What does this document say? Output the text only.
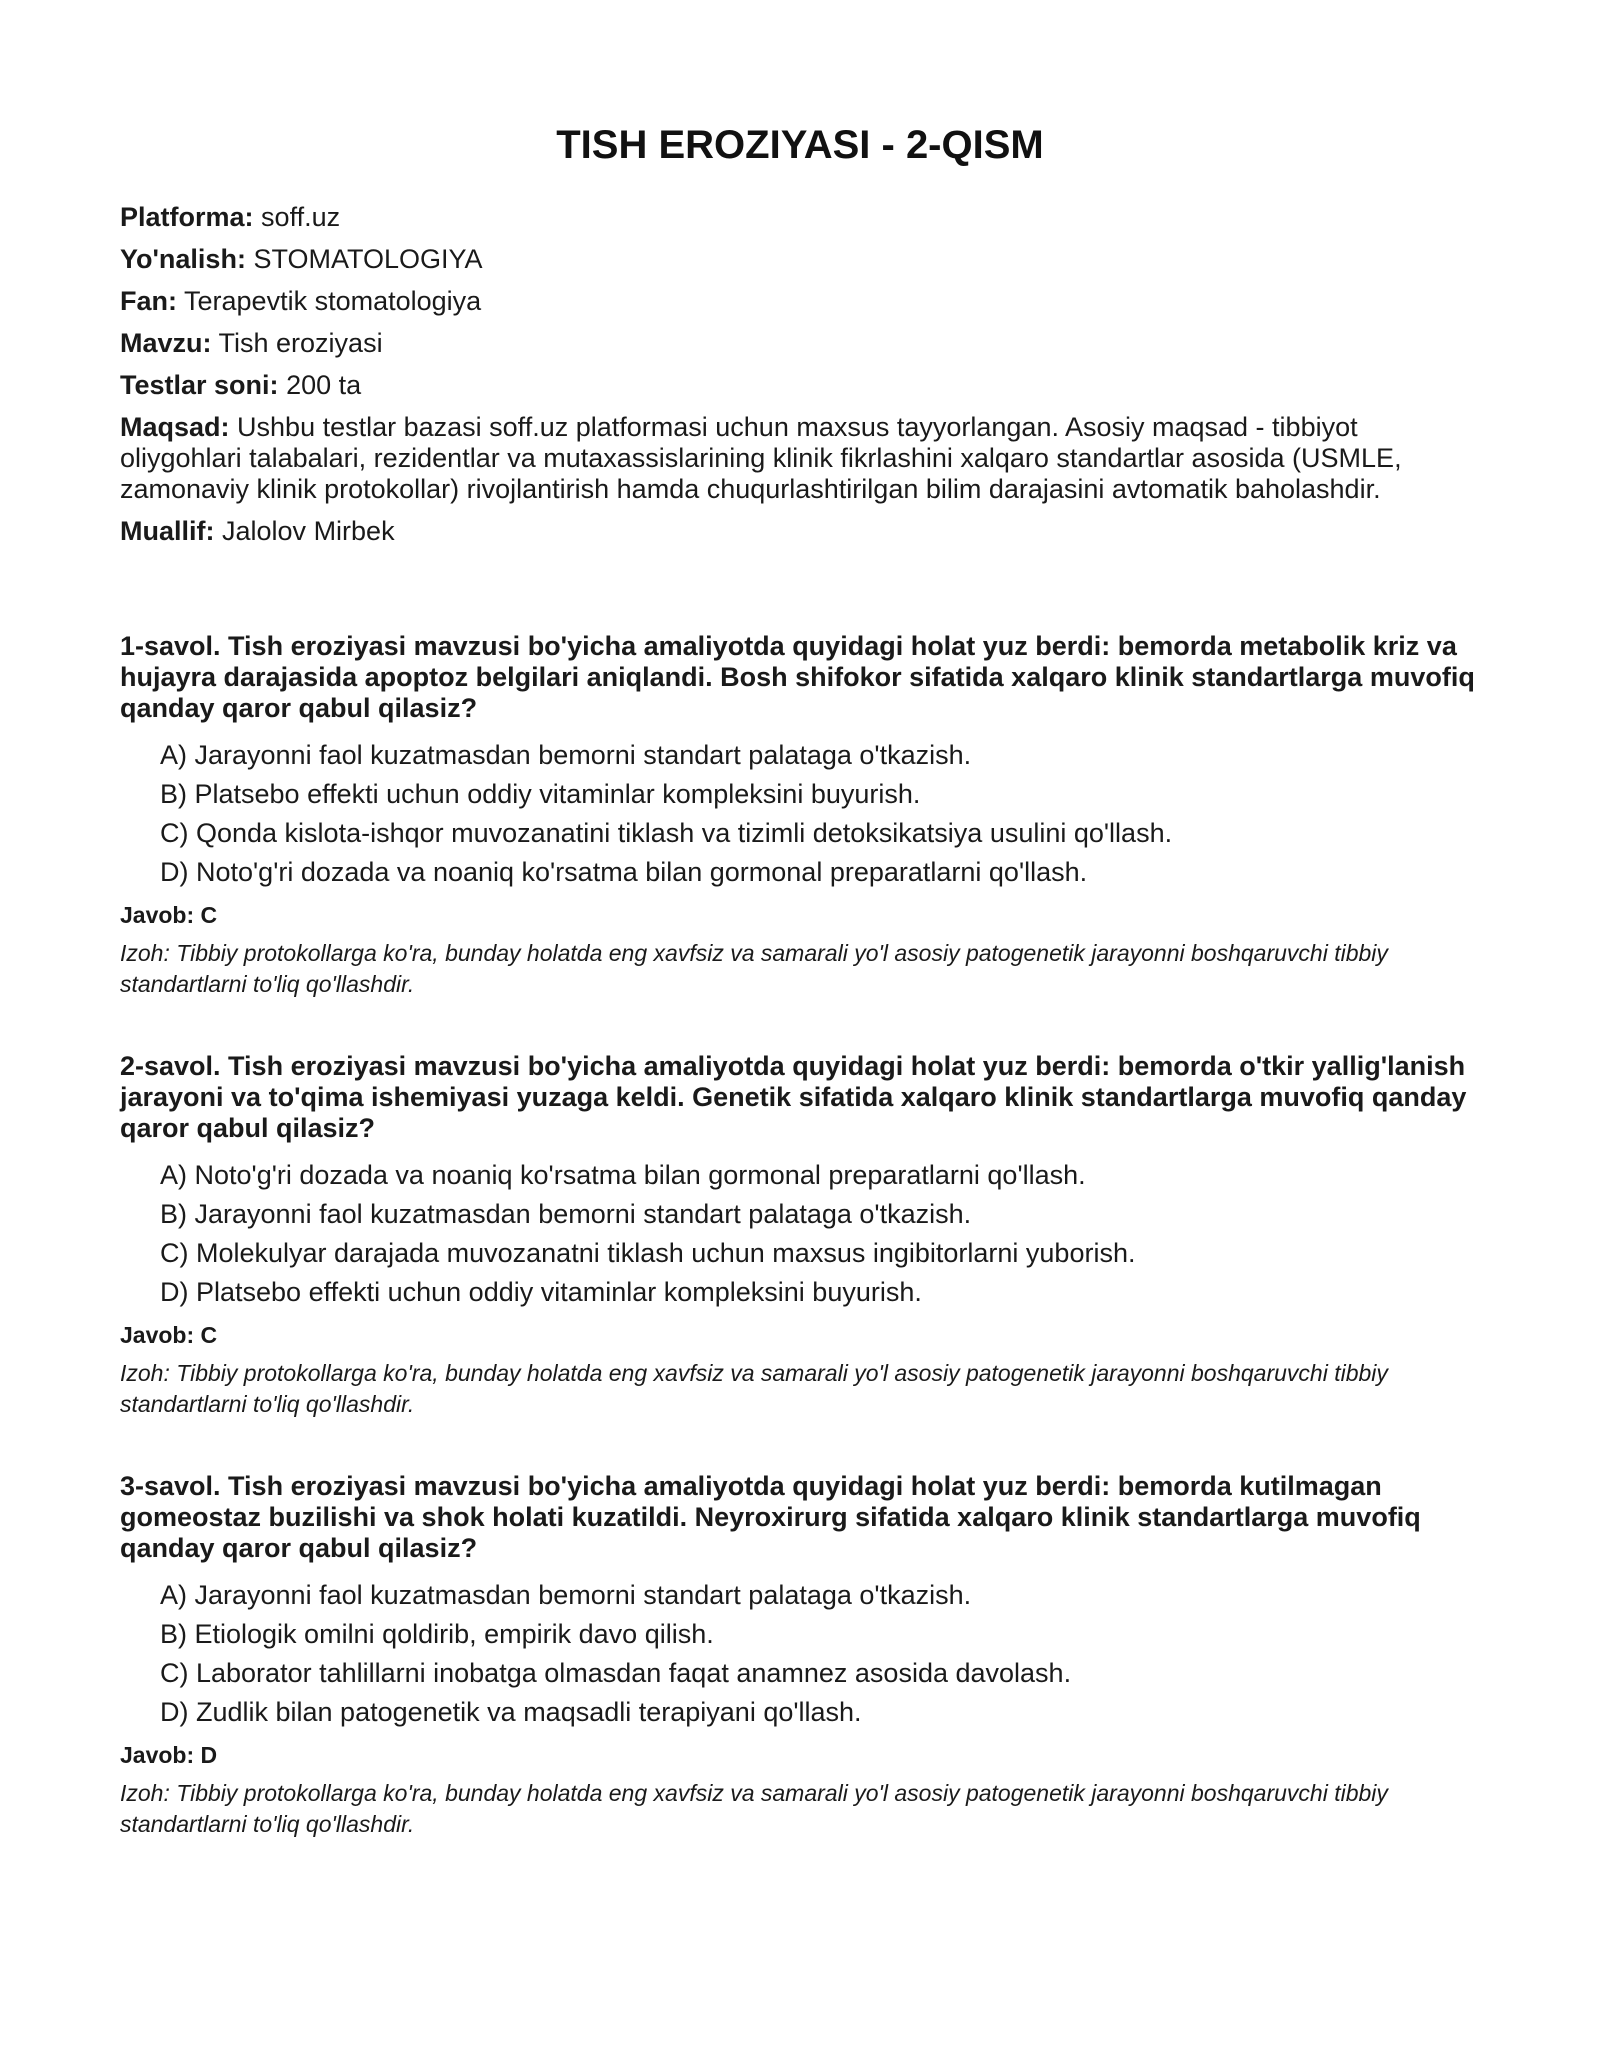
TISH EROZIYASI - 2-QISM
Platforma: soff.uz
Yo'nalish: STOMATOLOGIYA
Fan: Terapevtik stomatologiya
Mavzu: Tish eroziyasi
Testlar soni: 200 ta
Maqsad: Ushbu testlar bazasi soff.uz platformasi uchun maxsus tayyorlangan. Asosiy maqsad - tibbiyot oliygohlari talabalari, rezidentlar va mutaxassislarining klinik fikrlashini xalqaro standartlar asosida (USMLE, zamonaviy klinik protokollar) rivojlantirish hamda chuqurlashtirilgan bilim darajasini avtomatik baholashdir.
Muallif: Jalolov Mirbek

1-savol. Tish eroziyasi mavzusi bo'yicha amaliyotda quyidagi holat yuz berdi: bemorda metabolik kriz va hujayra darajasida apoptoz belgilari aniqlandi. Bosh shifokor sifatida xalqaro klinik standartlarga muvofiq qanday qaror qabul qilasiz?

A) Jarayonni faol kuzatmasdan bemorni standart palataga o'tkazish.
B) Platsebo effekti uchun oddiy vitaminlar kompleksini buyurish.
C) Qonda kislota-ishqor muvozanatini tiklash va tizimli detoksikatsiya usulini qo'llash.
D) Noto'g'ri dozada va noaniq ko'rsatma bilan gormonal preparatlarni qo'llash.
Javob: C
Izoh: Tibbiy protokollarga ko'ra, bunday holatda eng xavfsiz va samarali yo'l asosiy patogenetik jarayonni boshqaruvchi tibbiy standartlarni to'liq qo'llashdir.

2-savol. Tish eroziyasi mavzusi bo'yicha amaliyotda quyidagi holat yuz berdi: bemorda o'tkir yallig'lanish jarayoni va to'qima ishemiyasi yuzaga keldi. Genetik sifatida xalqaro klinik standartlarga muvofiq qanday qaror qabul qilasiz?

A) Noto'g'ri dozada va noaniq ko'rsatma bilan gormonal preparatlarni qo'llash.
B) Jarayonni faol kuzatmasdan bemorni standart palataga o'tkazish.
C) Molekulyar darajada muvozanatni tiklash uchun maxsus ingibitorlarni yuborish.
D) Platsebo effekti uchun oddiy vitaminlar kompleksini buyurish.
Javob: C
Izoh: Tibbiy protokollarga ko'ra, bunday holatda eng xavfsiz va samarali yo'l asosiy patogenetik jarayonni boshqaruvchi tibbiy standartlarni to'liq qo'llashdir.

3-savol. Tish eroziyasi mavzusi bo'yicha amaliyotda quyidagi holat yuz berdi: bemorda kutilmagan gomeostaz buzilishi va shok holati kuzatildi. Neyroxirurg sifatida xalqaro klinik standartlarga muvofiq qanday qaror qabul qilasiz?

A) Jarayonni faol kuzatmasdan bemorni standart palataga o'tkazish.
B) Etiologik omilni qoldirib, empirik davo qilish.
C) Laborator tahlillarni inobatga olmasdan faqat anamnez asosida davolash.
D) Zudlik bilan patogenetik va maqsadli terapiyani qo'llash.
Javob: D
Izoh: Tibbiy protokollarga ko'ra, bunday holatda eng xavfsiz va samarali yo'l asosiy patogenetik jarayonni boshqaruvchi tibbiy standartlarni to'liq qo'llashdir.
